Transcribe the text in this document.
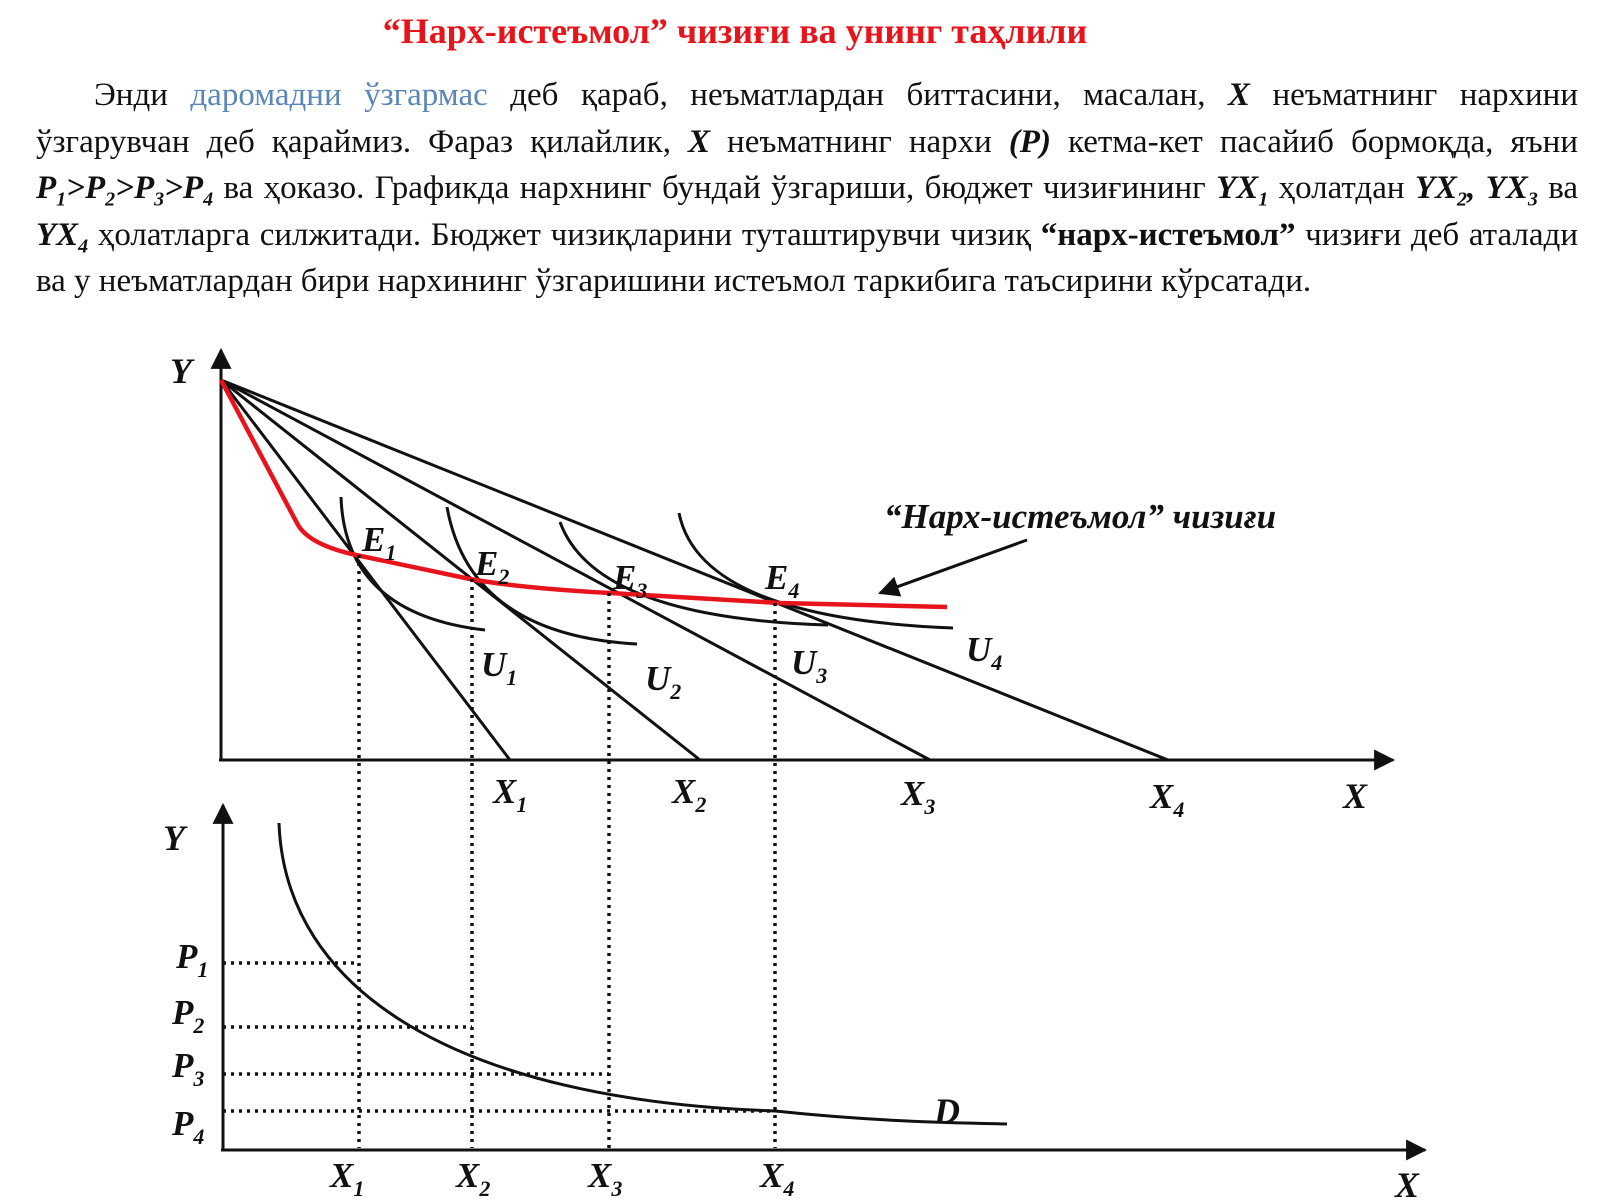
“Нарх-истеъмол” чизиғи ва унинг таҳлили

Энди даромадни ўзгармас деб қараб, неъматлардан биттасини, масалан, X неъматнинг нархини ўзгарувчан деб қараймиз. Фараз қилайлик, X неъматнинг нархи (P) кетма-кет пасайиб бормоқда, яъни $P_1>P_2>P_3>P_4$ ва ҳоказо. Графикда нархнинг бундай ўзгариши, бюджет чизиғининг $YX_1$ ҳолатдан $YX_2$, $YX_3$ ва $YX_4$ ҳолатларга силжитади. Бюджет чизиқларини туташтирувчи чизиқ “нарх-истеъмол” чизиғи деб аталади ва у неъматлардан бири нархининг ўзгаришини истеъмол таркибига таъсирини кўрсатади.

“Нарх-истеъмол” чизиғи
Y
X
$X_1$	$X_2$	$X_3$	$X_4$
$E_1$ $E_2$	$E_3$	$E_4$
$U_1$	$U_2$
$U_3$
$U_4$
Y
X
D
$P_1$
$P_2$
$P_3$
$P_4$
$X_1$	$X_2$	$X_3$	$X_4$
